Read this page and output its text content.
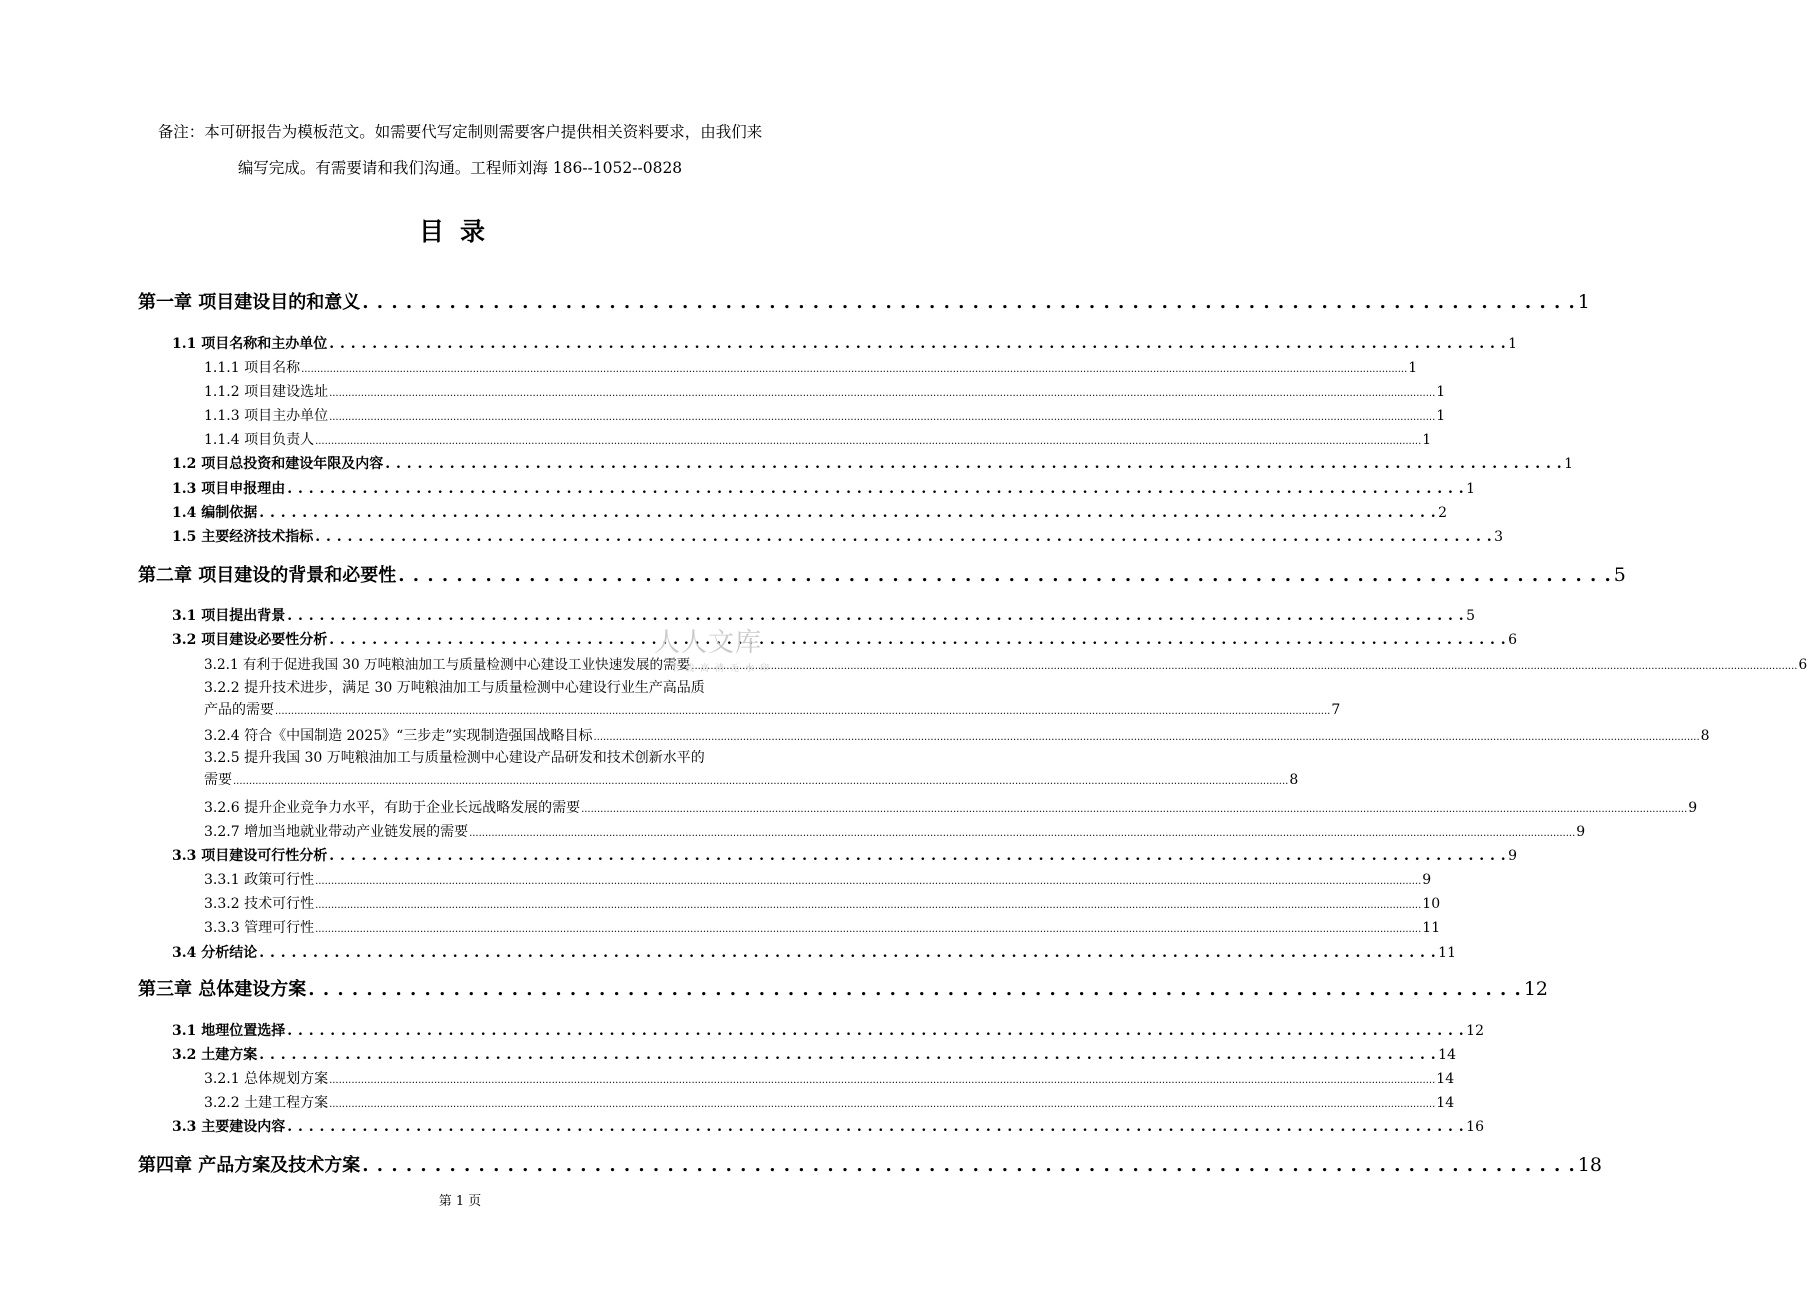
备注：本可研报告为模板范文。如需要代写定制则需要客户提供相关资料要求，由我们来
编写完成。有需要请和我们沟通。工程师刘海 186--1052--0828
目录
第一章 项目建设目的和意义 . . .	1
1.1 项目名称和主办单位 . . .	1
1.1.1 项目名称 .....	1
1.1.2 项目建设选址 .....	1
1.1.3 项目主办单位 .....	1
1.1.4 项目负责人 .....	1
1.2 项目总投资和建设年限及内容 . . .	1
1.3 项目申报理由 . . .	1
1.4 编制依据 . . .	2
1.5 主要经济技术指标 . . .	3
第二章 项目建设的背景和必要性 . . .	5
3.1 项目提出背景 . . .	5
3.2 项目建设必要性分析 . . .	6
3.2.1 有利于促进我国 30 万吨粮油加工与质量检测中心建设工业快速发展的需要 .....	6
3.2.2 提升技术进步，满足 30 万吨粮油加工与质量检测中心建设行业生产高品质
产品的需要 ............................................................................................................................................................................................................................................................................................................................................ 7
3.2.4 符合《中国制造 2025》“三步走”实现制造强国战略目标 .....	8
3.2.5 提升我国 30 万吨粮油加工与质量检测中心建设产品研发和技术创新水平的
需要 ............................................................................................................................................................................................................................................................................................................................................ 8
3.2.6 提升企业竞争力水平，有助于企业长远战略发展的需要 .....	9
3.2.7 增加当地就业带动产业链发展的需要 .....	9
3.3 项目建设可行性分析 . . .	9
3.3.1 政策可行性 .....	9
3.3.2 技术可行性 .....	10
3.3.3 管理可行性 .....	11
3.4 分析结论 . . .	11
第三章 总体建设方案 . . .	12
3.1 地理位置选择 . . .	12
3.2 土建方案 . . .	14
3.2.1 总体规划方案 .....	14
3.2.2 土建工程方案 .....	14
3.3 主要建设内容 . . .	16
第四章 产品方案及技术方案 . . .	18
第 1 页
人人文库
下载高清无水印
